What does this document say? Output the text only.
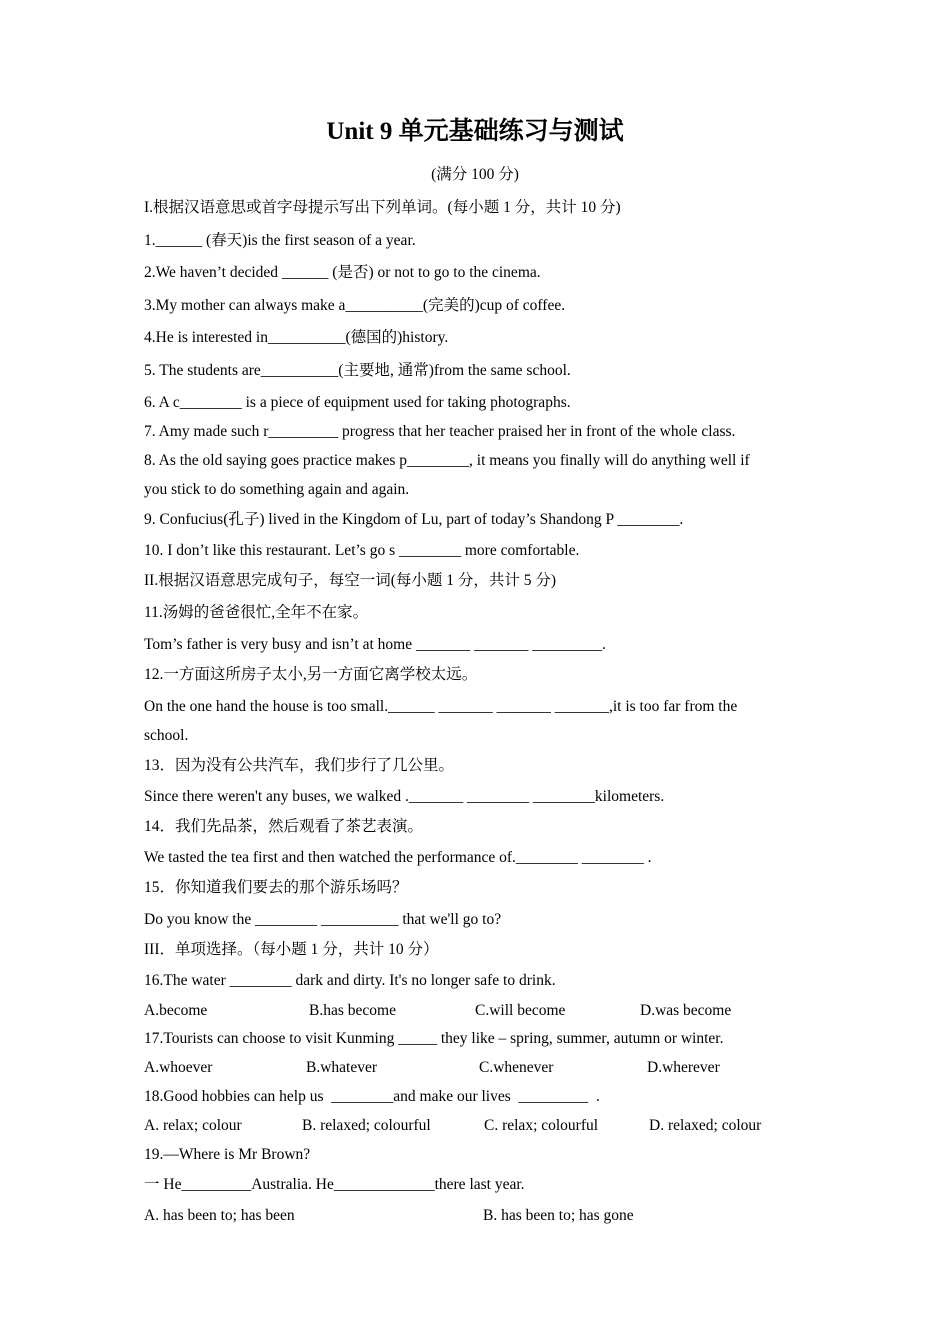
Unit 9 单元基础练习与测试
(满分 100 分)
I.根据汉语意思或首字母提示写出下列单词。(每小题 1 分，共计 10 分)
1.______ (春天)is the first season of a year.
2.We haven’t decided ______ (是否) or not to go to the cinema.
3.My mother can always make a__________(完美的)cup of coffee.
4.He is interested in__________(德国的)history.
5. The students are__________(主要地, 通常)from the same school.
6. A c________ is a piece of equipment used for taking photographs.
7. Amy made such r_________ progress that her teacher praised her in front of the whole class.
8. As the old saying goes practice makes p________, it means you finally will do anything well if
you stick to do something again and again.
9. Confucius(孔子) lived in the Kingdom of Lu, part of today’s Shandong P ________.
10. I don’t like this restaurant. Let’s go s ________ more comfortable.
II.根据汉语意思完成句子，每空一词(每小题 1 分，共计 5 分)
11.汤姆的爸爸很忙,全年不在家。
Tom’s father is very busy and isn’t at home _______ _______ _________.
12.一方面这所房子太小,另一方面它离学校太远。
On the one hand the house is too small.______ _______ _______ _______,it is too far from the
school.
13．因为没有公共汽车，我们步行了几公里。
Since there weren't any buses, we walked ._______ ________ ________kilometers.
14．我们先品茶，然后观看了茶艺表演。
We tasted the tea first and then watched the performance of.________ ________ .
15．你知道我们要去的那个游乐场吗？
Do you know the ________ __________ that we'll go to?
III．单项选择。（每小题 1 分，共计 10 分）
16.The water ________ dark and dirty. It's no longer safe to drink.
A.become	B.has become	C.will become	D.was become
17.Tourists can choose to visit Kunming _____ they like – spring, summer, autumn or winter.
A.whoever	B.whatever	C.whenever	D.wherever
18.Good hobbies can help us  ________and make our lives  _________  .
A. relax; colour	B. relaxed; colourful	C. relax; colourful	D. relaxed; colour
19.—Where is Mr Brown?
一 He_________Australia. He_____________there last year.
A. has been to; has been	B. has been to; has gone
